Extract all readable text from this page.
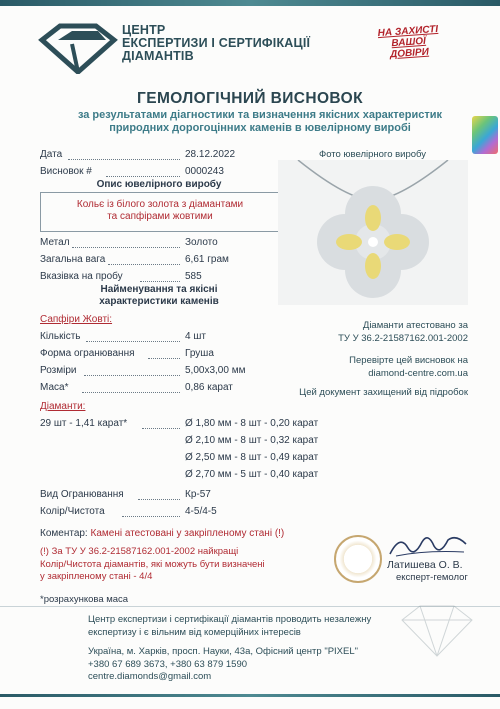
ЦЕНТР
ЕКСПЕРТИЗИ І СЕРТИФІКАЦІЇ
ДІАМАНТІВ
НА ЗАХИСТІ
ВАШОЇ
ДОВІРИ
ГЕМОЛОГІЧНИЙ ВИСНОВОК
за результатами діагностики та визначення якісних характеристик природних дорогоцінних каменів в ювелірному виробі
Дата	28.12.2022
Висновок #	0000243
Опис ювелірного виробу
Кольє із білого золота з діамантами
та сапфірами жовтими
Метал	Золото
Загальна вага	6,61 грам
Вказівка на пробу	585
Найменування та якісні
характеристики каменів
Сапфіри Жовті:
Кількість	4 шт
Форма огранювання	Груша
Розміри	5,00х3,00 мм
Маса*	0,86 карат
Діаманти:
29 шт - 1,41 карат*	Ø 1,80 мм - 8 шт - 0,20 карат
Ø 2,10 мм - 8 шт - 0,32 карат
Ø 2,50 мм - 8 шт - 0,49 карат
Ø 2,70 мм - 5 шт - 0,40 карат
Вид Огранювання	Кр-57
Колір/Чистота	4-5/4-5
Фото ювелірного виробу
Діаманти атестовано за
ТУ У 36.2-21587162.001-2002
Перевірте цей висновок на
diamond-centre.com.ua
Цей документ захищений від підробок
Коментар: Камені атестовані у закріпленому стані (!)
(!) За ТУ У 36.2-21587162.001-2002 найкращі
Колір/Чистота діамантів, які можуть бути визначені
у закріпленому стані - 4/4
*розрахункова маса
Латишева О. В.
експерт-гемолог
Центр експертизи і сертифікації діамантів проводить незалежну
експертизу і є вільним від комерційних інтересів
Україна, м. Харків, просп. Науки, 43а, Офісний центр "PIXEL"
+380 67 689 3673, +380 63 879 1590
centre.diamonds@gmail.com
